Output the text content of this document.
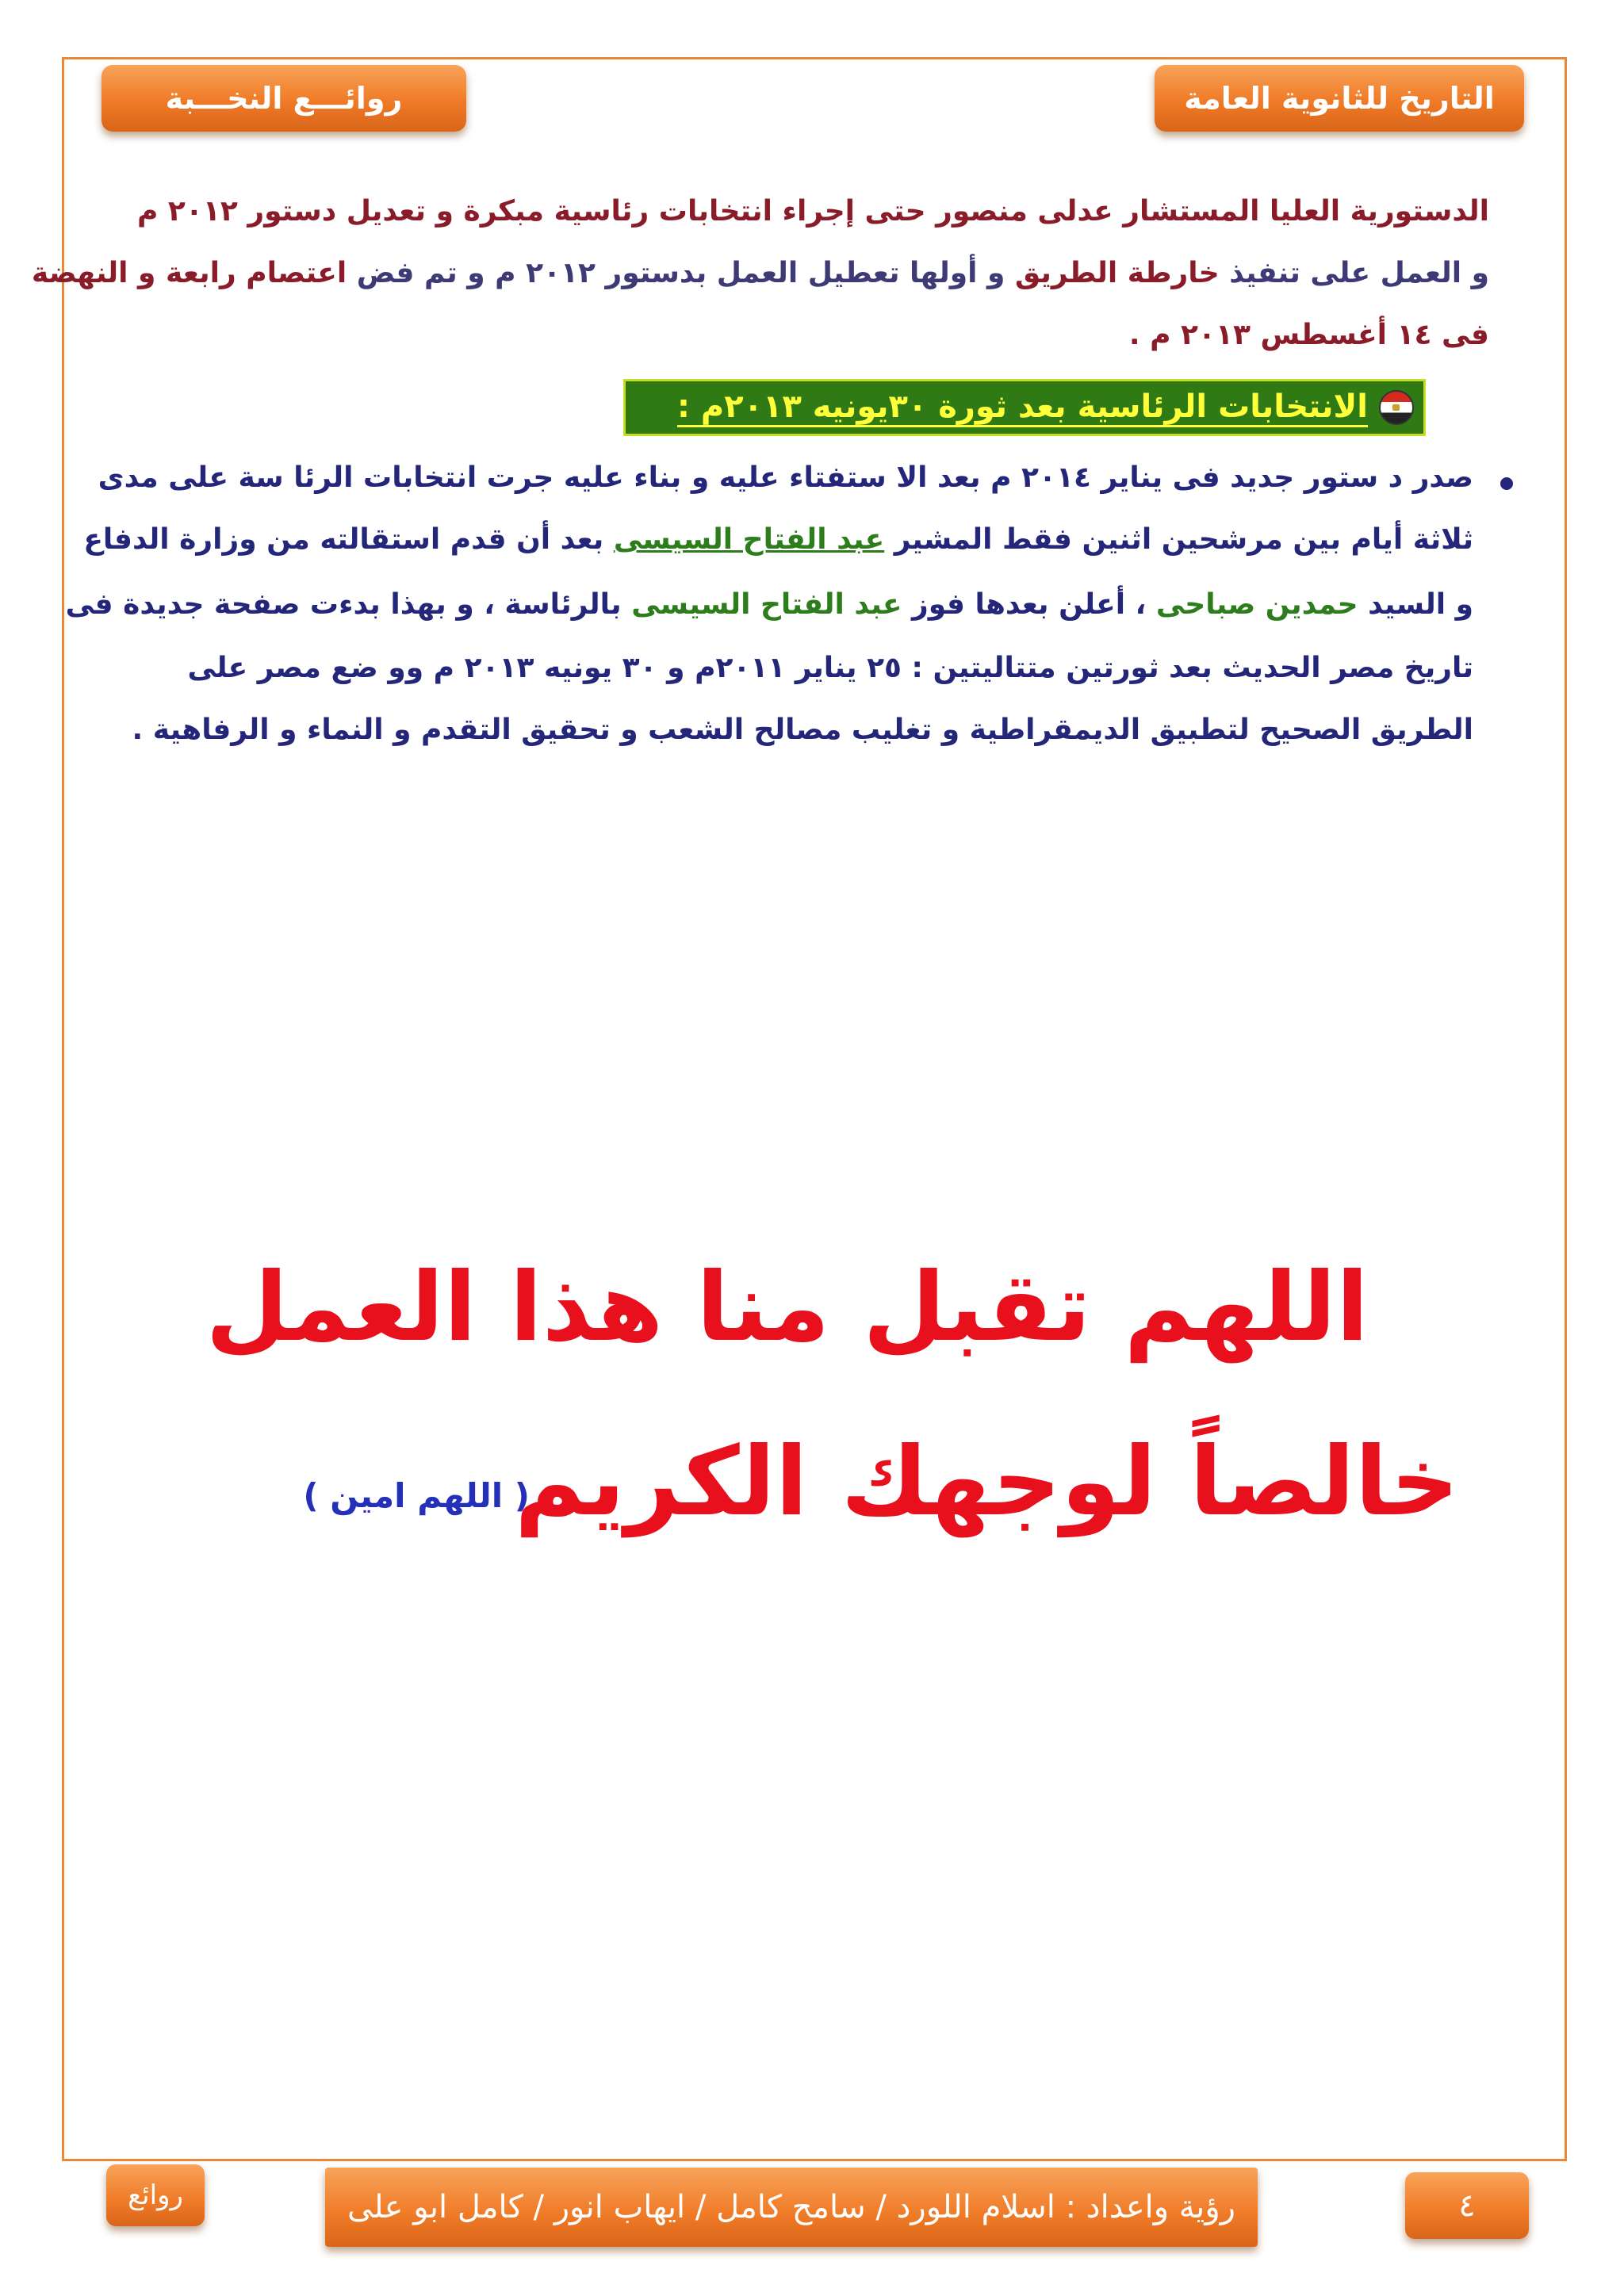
روائـــع النخـــبة	التاريخ للثانوية العامة
الدستورية العليا المستشار عدلى منصور حتى إجراء انتخابات رئاسية مبكرة و تعديل دستور ٢٠١٢ م
و العمل على تنفيذ خارطة الطريق و أولها تعطيل العمل بدستور ٢٠١٢ م و تم فض اعتصام رابعة و النهضة
فى ١٤ أغسطس ٢٠١٣ م .
الانتخابات الرئاسية بعد ثورة ٣٠يونيه ٢٠١٣م :
صدر د ستور جديد فى يناير ٢٠١٤ م بعد الا ستفتاء عليه و بناء عليه جرت انتخابات الرئا سة على مدى
ثلاثة أيام بين مرشحين اثنين فقط المشير عبد الفتاح السيسى بعد أن قدم استقالته من وزارة الدفاع
و السيد حمدين صباحى ، أعلن بعدها فوز عبد الفتاح السيسى بالرئاسة ، و بهذا بدءت صفحة جديدة فى
تاريخ مصر الحديث بعد ثورتين متتاليتين : ٢٥ يناير ٢٠١١م و ٣٠ يونيه ٢٠١٣ م وو ضع مصر على
الطريق الصحيح لتطبيق الديمقراطية و تغليب مصالح الشعب و تحقيق التقدم و النماء و الرفاهية .
اللهم تقبل منا هذا العمل
خالصاً لوجهك الكريم
( اللهم امين )
روائع	رؤية واعداد : اسلام اللورد / سامح كامل / ايهاب انور / كامل ابو على	٤
